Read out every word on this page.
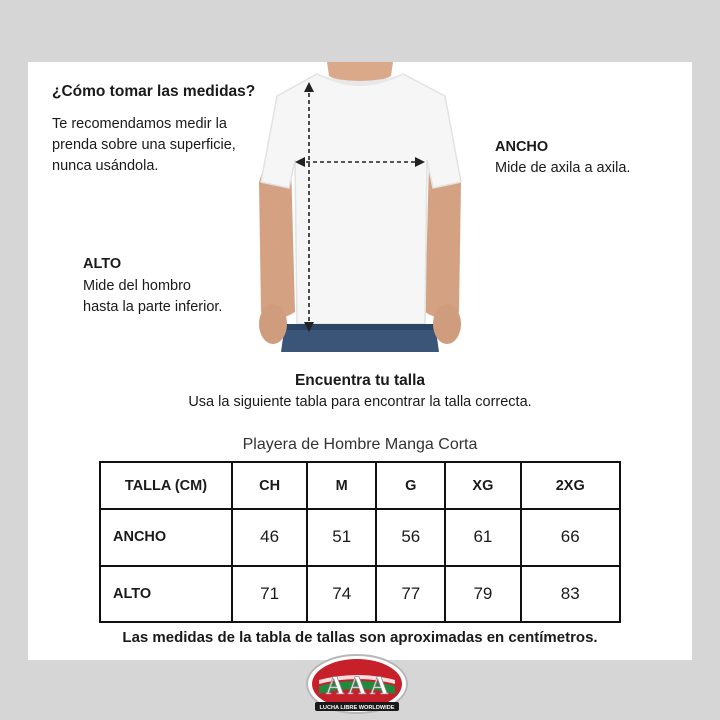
¿Cómo tomar las medidas?
Te recomendamos medir la
prenda sobre una superficie,
nunca usándola.
ALTO
Mide del hombro
hasta la parte inferior.
ANCHO
Mide de axila a axila.
Encuentra tu talla
Usa la siguiente tabla para encontrar la talla correcta.
Playera de Hombre Manga Corta
TALLA (CM)	CH	M	G	XG	2XG
ANCHO	46	51	56	61	66
ALTO	71	74	77	79	83
Las medidas de la tabla de tallas son aproximadas en centímetros.
A A A
LUCHA LIBRE WORLDWIDE
